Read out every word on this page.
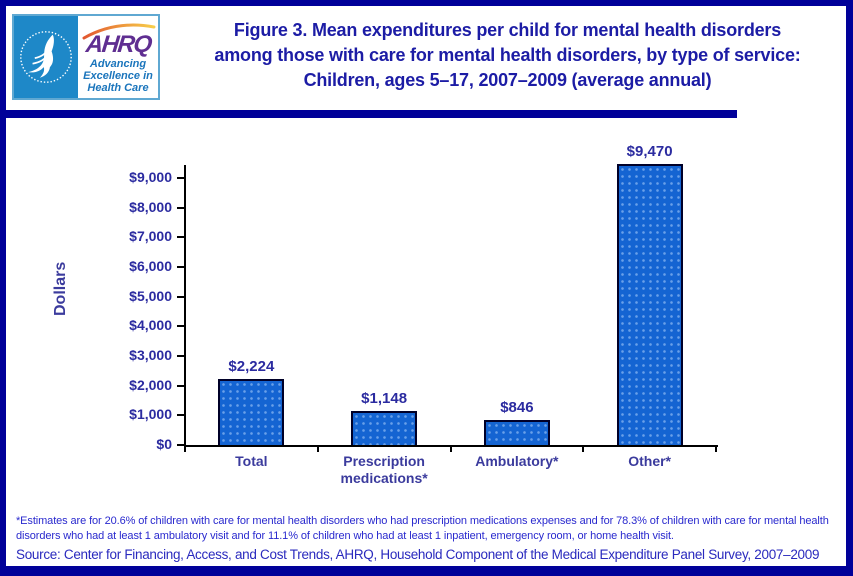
AHRQ
Advancing
Excellence in
Health Care
Figure 3. Mean expenditures per child for mental health disorders
among those with care for mental health disorders, by type of service:
Children, ages 5–17, 2007–2009 (average annual)
Dollars
$0
$1,000
$2,000
$3,000
$4,000
$5,000
$6,000
$7,000
$8,000
$9,000
$2,224
Total
$1,148
Prescription medications*
$846
Ambulatory*
$9,470
Other*
*Estimates are for 20.6% of children with care for mental health disorders who had prescription medications expenses and for 78.3% of children with care for mental health disorders who had at least 1 ambulatory visit and for 11.1% of children who had at least 1 inpatient, emergency room, or home health visit.
Source: Center for Financing, Access, and Cost Trends, AHRQ, Household Component of the Medical Expenditure Panel Survey, 2007–2009
